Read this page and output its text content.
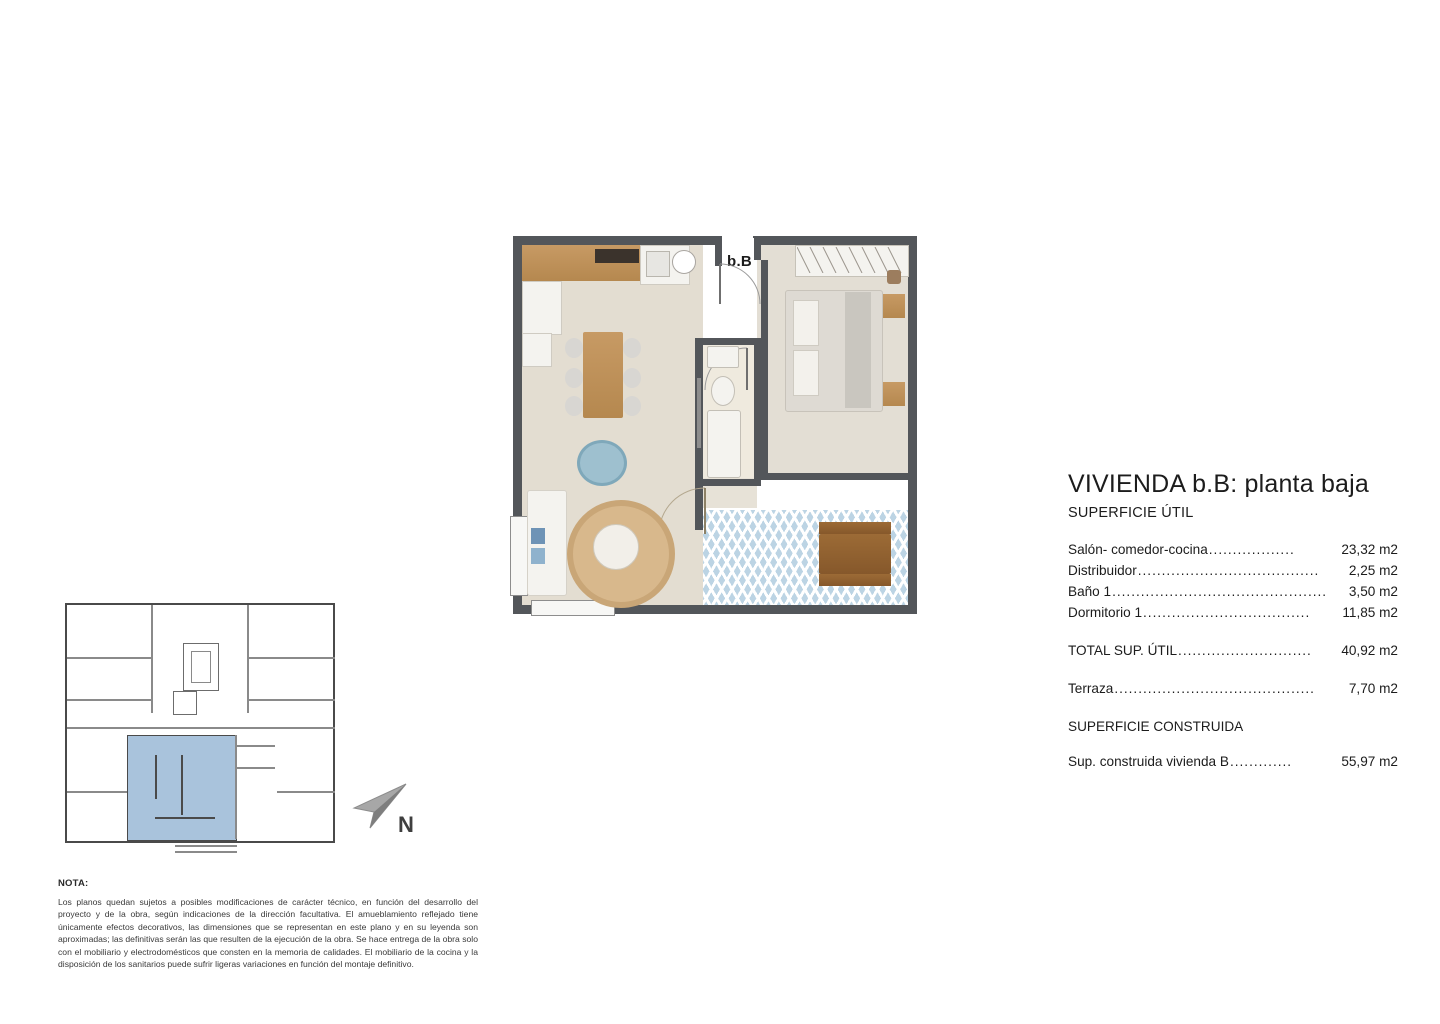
b.B
N
VIVIENDA b.B: planta baja
SUPERFICIE ÚTIL
Salón- comedor-cocina ..................	23,32 m2
Distribuidor ......................................	2,25 m2
Baño 1 .............................................	3,50 m2
Dormitorio 1 ...................................	11,85 m2
TOTAL SUP. ÚTIL ............................	40,92 m2
Terraza ..........................................	7,70 m2
SUPERFICIE CONSTRUIDA
Sup. construida vivienda B .............	55,97 m2
NOTA:
Los planos quedan sujetos a posibles modificaciones de carácter técnico, en función del desarrollo del proyecto y de la obra, según indicaciones de la dirección facultativa. El amueblamiento reflejado tiene únicamente efectos decorativos, las dimensiones que se representan en este plano y en su leyenda son aproximadas; las definitivas serán las que resulten de la ejecución de la obra. Se hace entrega de la obra solo con el mobiliario y electrodomésticos que consten en la memoria de calidades. El mobiliario de la cocina y la disposición de los sanitarios puede sufrir ligeras variaciones en función del montaje definitivo.
